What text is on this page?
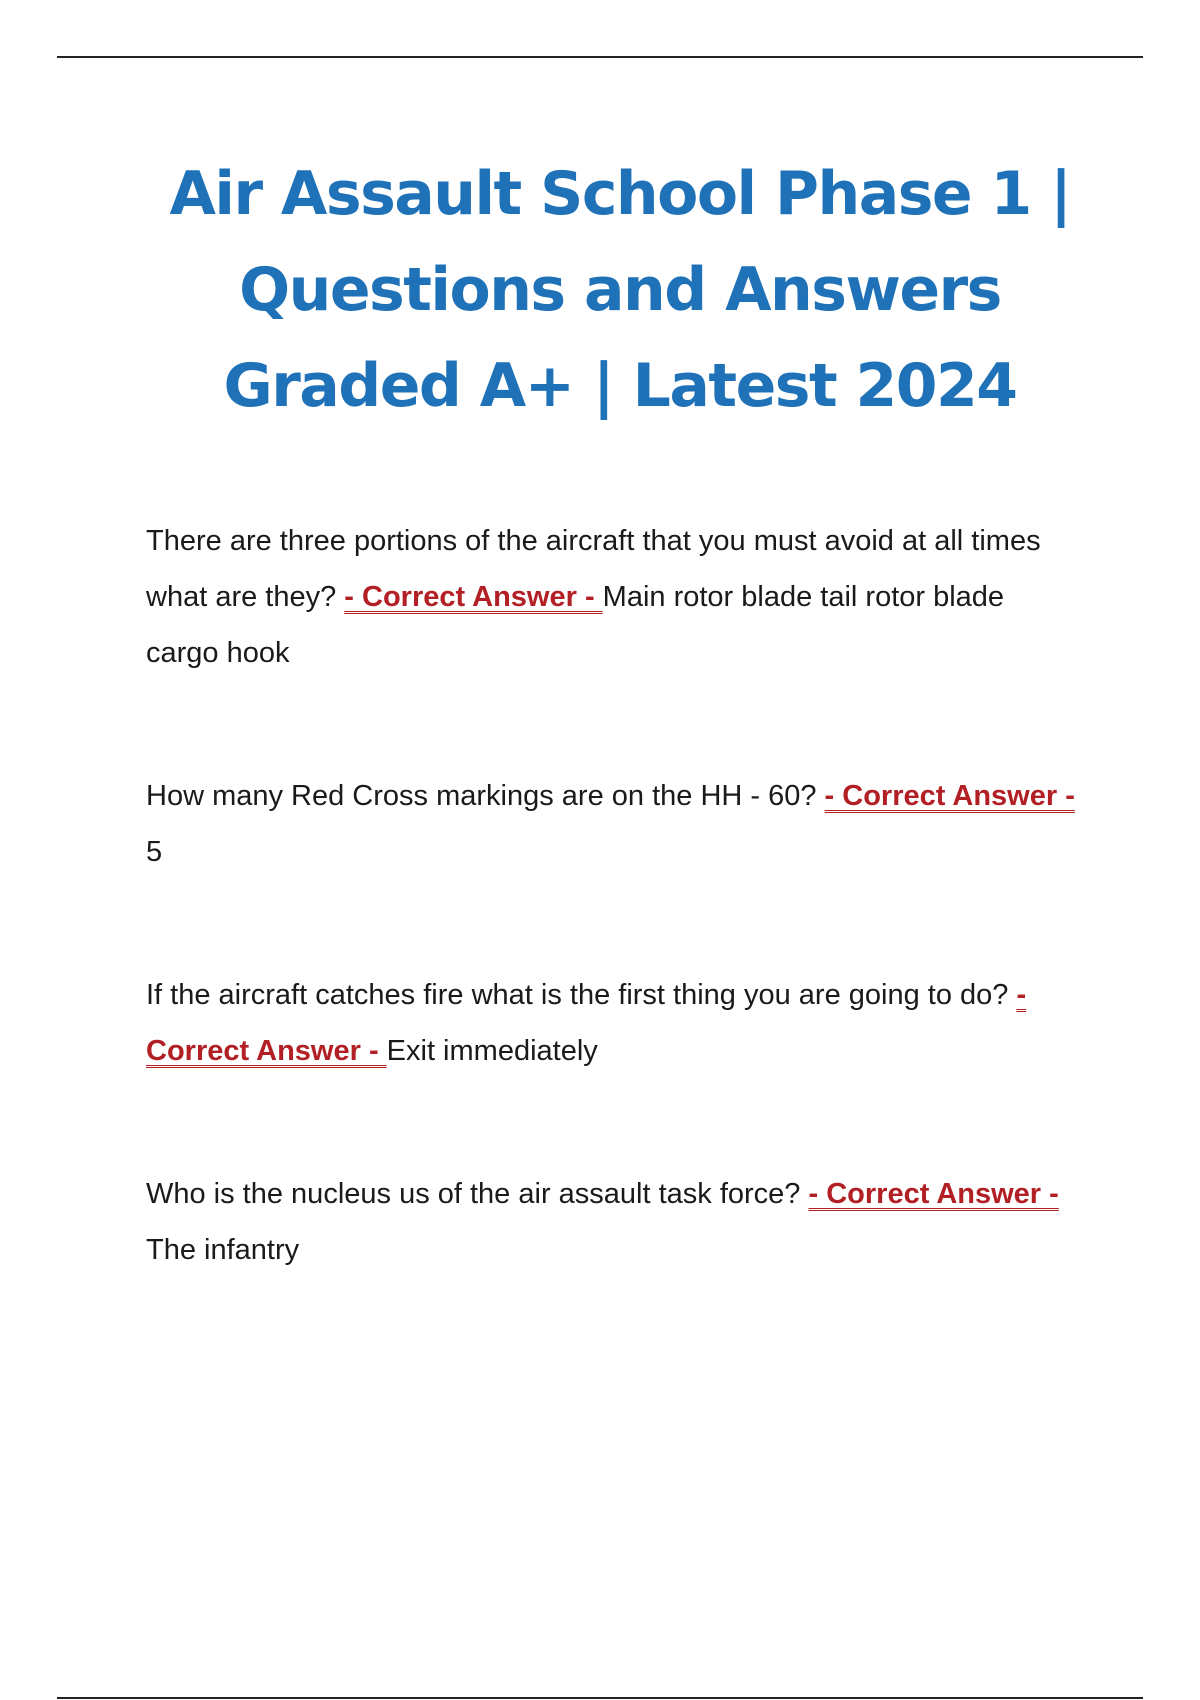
Air Assault School Phase 1 | Questions and Answers Graded A+ | Latest 2024

There are three portions of the aircraft that you must avoid at all times what are they? - Correct Answer - Main rotor blade tail rotor blade cargo hook

How many Red Cross markings are on the HH - 60? - Correct Answer - 5

If the aircraft catches fire what is the first thing you are going to do? - Correct Answer - Exit immediately

Who is the nucleus us of the air assault task force? - Correct Answer - The infantry
